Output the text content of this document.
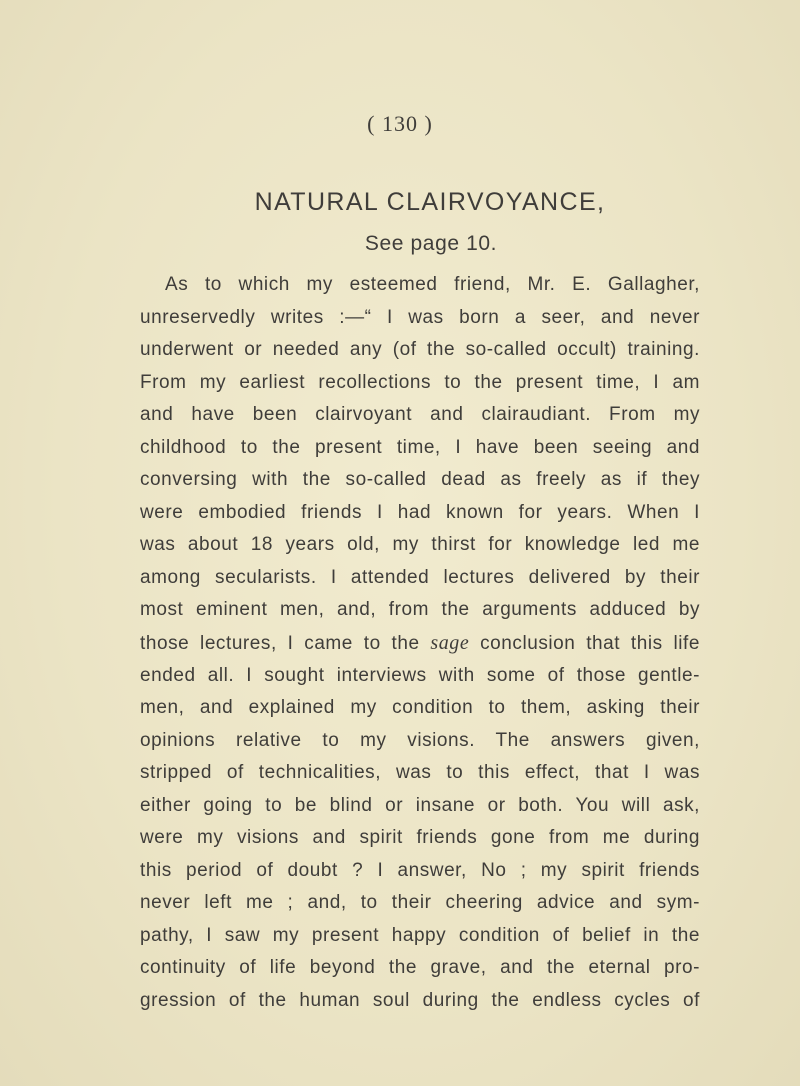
( 130 )
NATURAL CLAIRVOYANCE,
See page 10.
As to which my esteemed friend, Mr. E. Gallagher,
unreservedly writes :—“ I was born a seer, and never
underwent or needed any (of the so-called occult) training.
From my earliest recollections to the present time, I am
and have been clairvoyant and clairaudiant. From my
childhood to the present time, I have been seeing and
conversing with the so-called dead as freely as if they
were embodied friends I had known for years. When I
was about 18 years old, my thirst for knowledge led me
among secularists. I attended lectures delivered by their
most eminent men, and, from the arguments adduced by
those lectures, I came to the sage conclusion that this life
ended all. I sought interviews with some of those gentle-
men, and explained my condition to them, asking their
opinions relative to my visions. The answers given,
stripped of technicalities, was to this effect, that I was
either going to be blind or insane or both. You will ask,
were my visions and spirit friends gone from me during
this period of doubt ? I answer, No ; my spirit friends
never left me ; and, to their cheering advice and sym-
pathy, I saw my present happy condition of belief in the
continuity of life beyond the grave, and the eternal pro-
gression of the human soul during the endless cycles of
